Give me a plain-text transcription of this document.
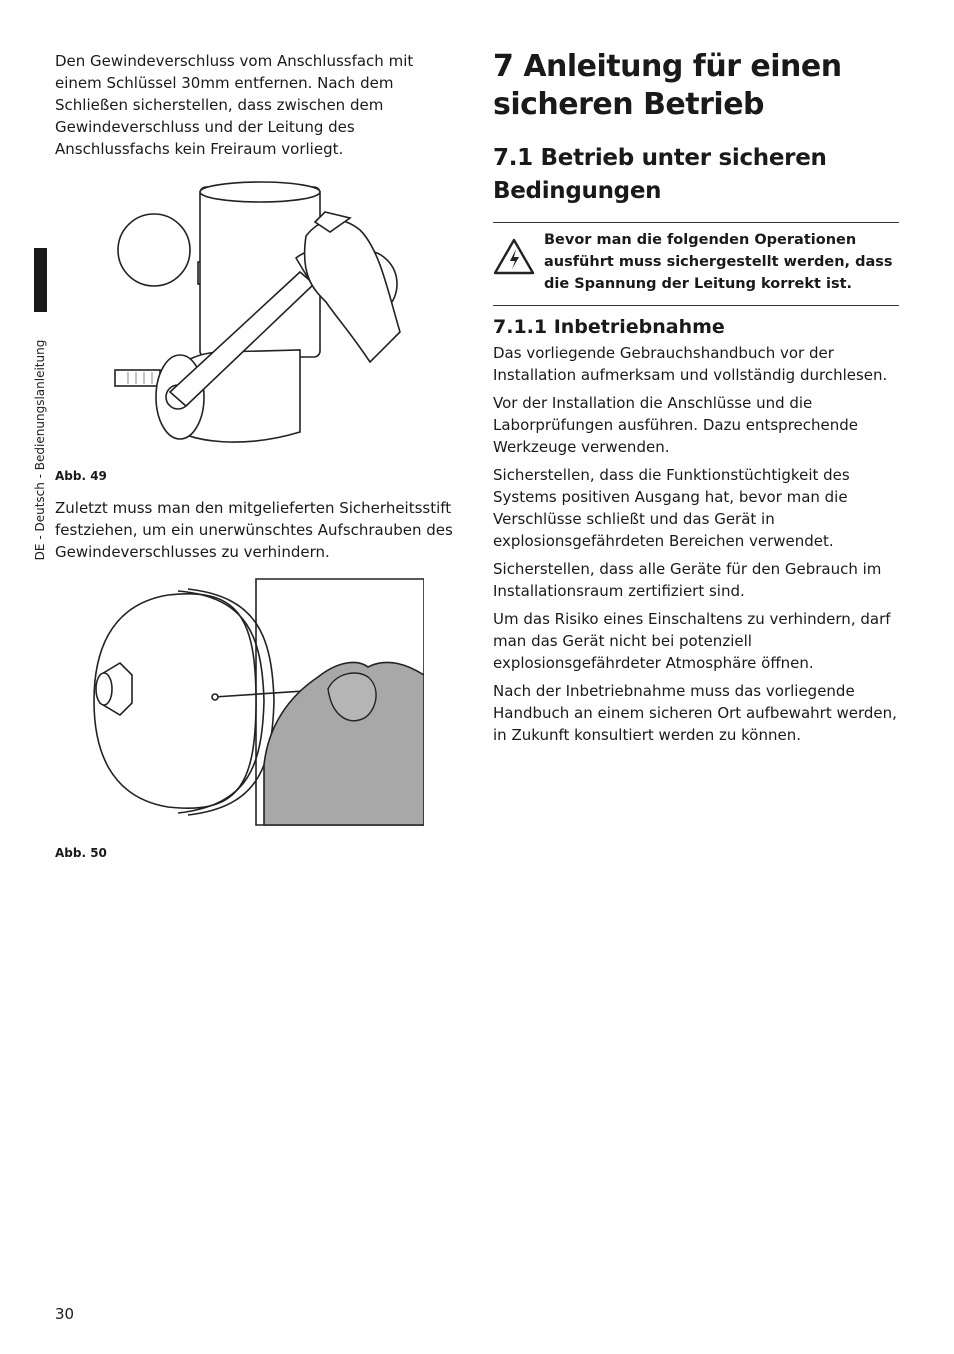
DE - Deutsch - Bedienungslanleitung

Den Gewindeverschluss vom Anschlussfach mit einem Schlüssel 30mm entfernen. Nach dem Schließen sicherstellen, dass zwischen dem Gewindeverschluss und der Leitung des Anschlussfachs kein Freiraum vorliegt.

Abb. 49

Zuletzt muss man den mitgelieferten Sicherheitsstift festziehen, um ein unerwünschtes Aufschrauben des Gewindeverschlusses zu verhindern.

Abb. 50
7 Anleitung für einen sicheren Betrieb
7.1 Betrieb unter sicheren Bedingungen
Bevor man die folgenden Operationen ausführt muss sichergestellt werden, dass die Spannung der Leitung korrekt ist.
7.1.1 Inbetriebnahme

Das vorliegende Gebrauchshandbuch vor der Installation aufmerksam und vollständig durchlesen.

Vor der Installation die Anschlüsse und die Laborprüfungen ausführen. Dazu entsprechende Werkzeuge verwenden.

Sicherstellen, dass die Funktionstüchtigkeit des Systems positiven Ausgang hat, bevor man die Verschlüsse schließt und das Gerät in explosionsgefährdeten Bereichen verwendet.

Sicherstellen, dass alle Geräte für den Gebrauch im Installationsraum zertifiziert sind.

Um das Risiko eines Einschaltens zu verhindern, darf man das Gerät nicht bei potenziell explosionsgefährdeter Atmosphäre öffnen.

Nach der Inbetriebnahme muss das vorliegende Handbuch an einem sicheren Ort aufbewahrt werden, in Zukunft konsultiert werden zu können.

30
